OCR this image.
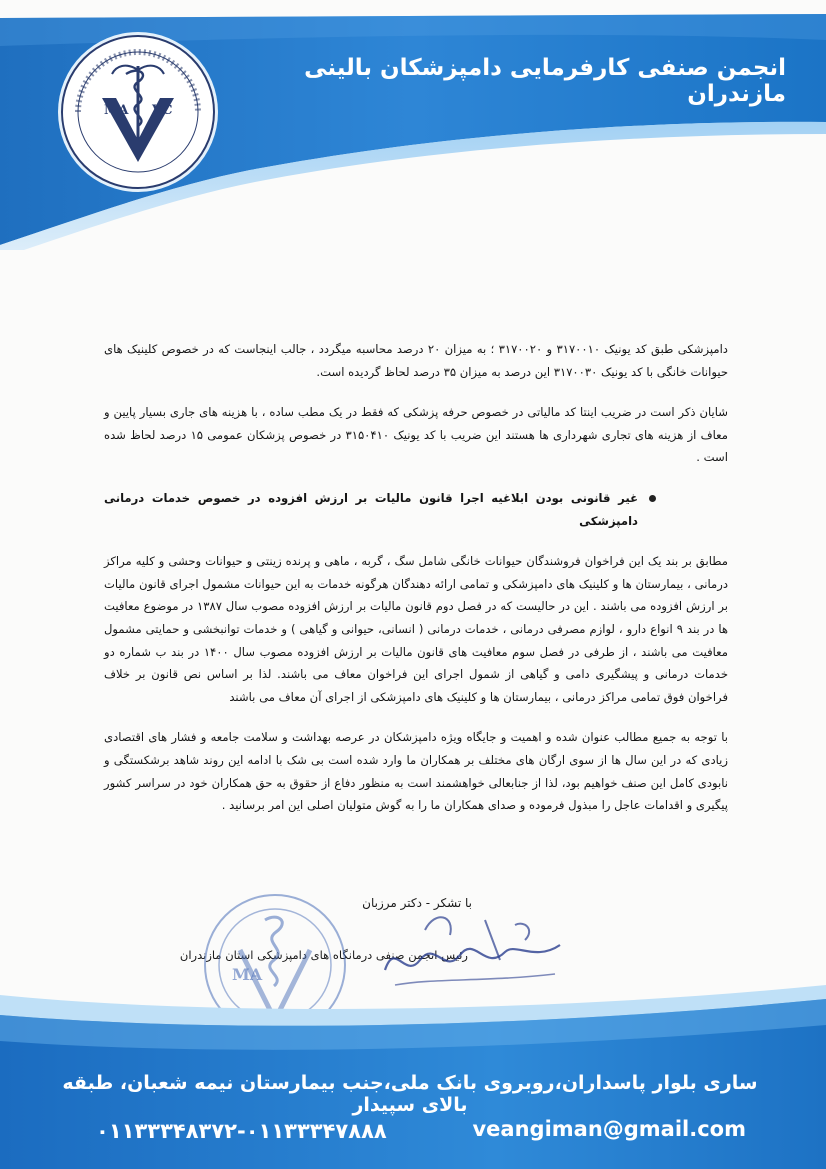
انجمن صنفی کارفرمایی دامپزشکان بالینی مازندران
MA VC

دامپزشکی طبق کد یونیک ۳۱۷۰۰۱۰ و ۳۱۷۰۰۲۰ ؛ به میزان ۲۰ درصد محاسبه میگردد ، جالب اینجاست که در خصوص کلینیک های حیوانات خانگی با کد یونیک ۳۱۷۰۰۳۰ این درصد به میزان ۳۵ درصد لحاظ گردیده است.

شایان ذکر است در ضریب اینتا کد مالیاتی در خصوص حرفه پزشکی که فقط در یک مطب ساده ، با هزینه های جاری بسیار پایین و معاف از هزینه های تجاری شهرداری ها هستند این ضریب با کد یونیک ۳۱۵۰۴۱۰ در خصوص پزشکان عمومی ۱۵ درصد لحاظ شده است .

غیر قانونی بودن ابلاغیه اجرا قانون مالیات بر ارزش افزوده در خصوص خدمات درمانی دامپزشکی

مطابق بر بند یک این فراخوان فروشندگان حیوانات خانگی شامل سگ ، گربه ، ماهی و پرنده زینتی و حیوانات وحشی و کلیه مراکز درمانی ، بیمارستان ها و کلینیک های دامپزشکی و تمامی ارائه دهندگان هرگونه خدمات به این حیوانات مشمول اجرای قانون مالیات بر ارزش افزوده می باشند . این در حالیست که در فصل دوم قانون مالیات بر ارزش افزوده مصوب سال ۱۳۸۷ در موضوع معافیت ها در بند ۹ انواع دارو ، لوازم مصرفی درمانی ، خدمات درمانی ( انسانی، حیوانی و گیاهی ) و خدمات توانبخشی و حمایتی مشمول معافیت می باشند ، از طرفی در فصل سوم معافیت های قانون مالیات بر ارزش افزوده مصوب سال ۱۴۰۰ در بند ب شماره دو خدمات درمانی و پیشگیری دامی و گیاهی از شمول اجرای این فراخوان معاف می باشند. لذا بر اساس نص قانون بر خلاف فراخوان فوق تمامی مراکز درمانی ، بیمارستان ها و کلینیک های دامپزشکی از اجرای آن معاف می باشند

با توجه به جمیع مطالب عنوان شده و اهمیت و جایگاه ویژه دامپزشکان در عرصه بهداشت و سلامت جامعه و فشار های اقتصادی زیادی که در این سال ها از سوی ارگان های مختلف بر همکاران ما وارد شده است بی شک با ادامه این روند شاهد برشکستگی و نابودی کامل این صنف خواهیم بود، لذا از جنابعالی خواهشمند است به منظور دفاع از حقوق به حق همکاران خود در سراسر کشور پیگیری و اقدامات عاجل را مبذول فرموده و صدای همکاران ما را به گوش متولیان اصلی این امر برسانید .

با تشکر - دکتر مرزبان
رئیس انجمن صنفی درمانگاه های دامپزشکی استان مازندران
MA
ساری بلوار پاسداران،روبروی بانک ملی،جنب بیمارستان نیمه شعبان، طبقه بالای سپیدار
۰۱۱۳۳۳۴۸۳۷۲-۰۱۱۳۳۳۴۷۸۸۸	veangiman@gmail.com
